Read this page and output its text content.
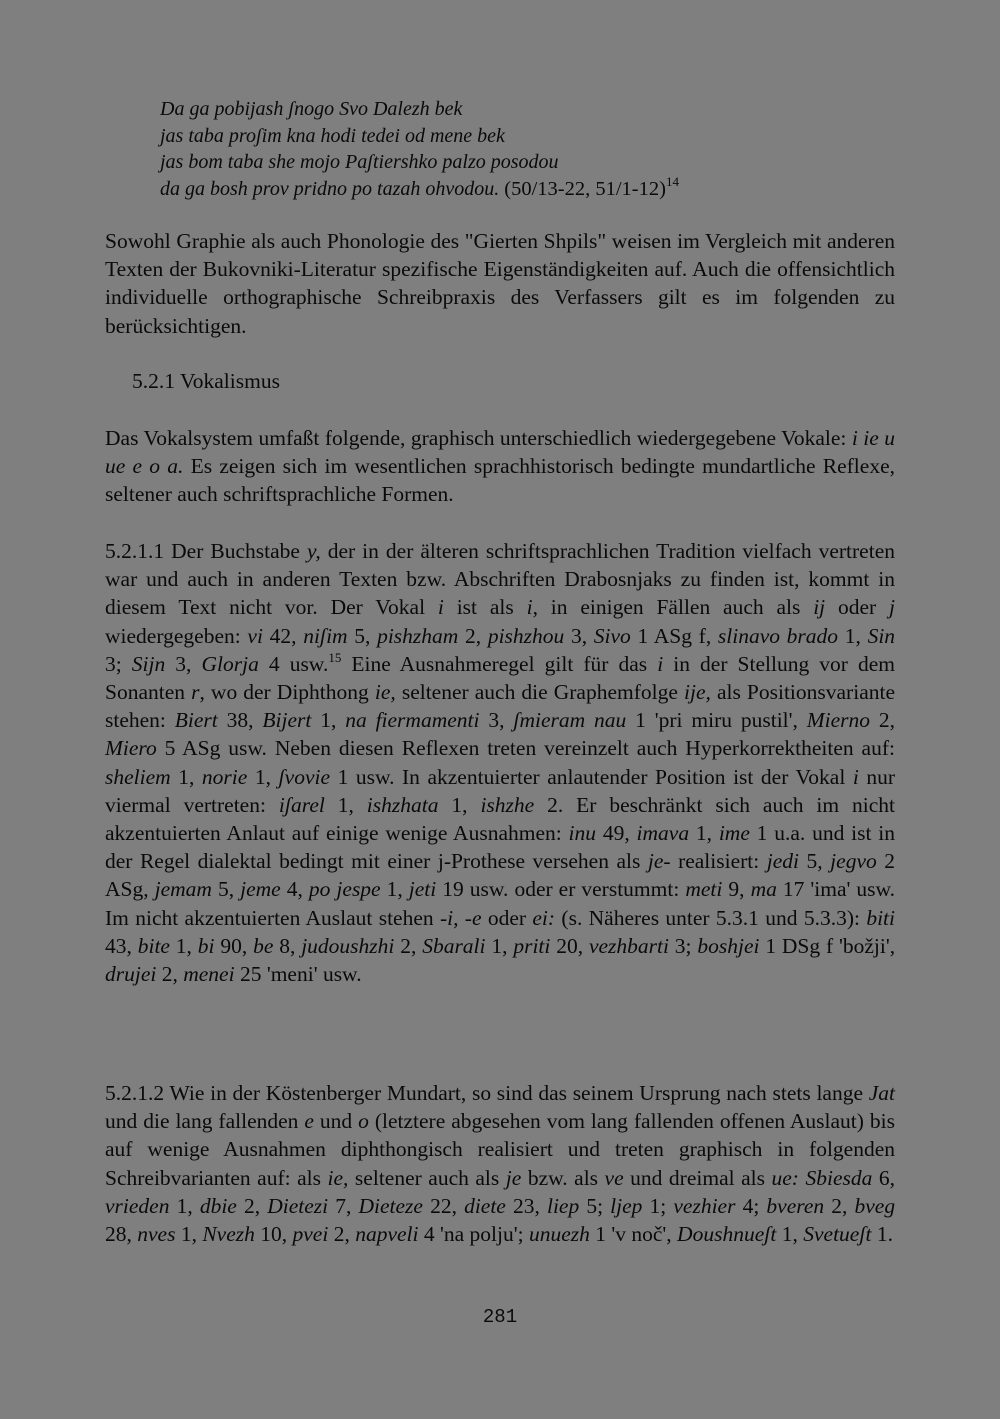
Da ga pobijash ʃnogo Svo Dalezh bek
jas taba proʃim kna hodi tedei od mene bek
jas bom taba she mojo Paʃtiershko palzo posodou
da ga bosh prov pridno po tazah ohvodou. (50/13-22, 51/1-12)$^{14}$
Sowohl Graphie als auch Phonologie des "Gierten Shpils" weisen im Vergleich mit anderen Texten der Bukovniki-Literatur spezifische Eigenständigkeiten auf. Auch die offensichtlich individuelle orthographische Schreibpraxis des Verfassers gilt es im folgenden zu berücksichtigen.
5.2.1 Vokalismus
Das Vokalsystem umfaßt folgende, graphisch unterschiedlich wiedergegebene Vokale: i ie u ue e o a. Es zeigen sich im wesentlichen sprachhistorisch bedingte mundartliche Reflexe, seltener auch schriftsprachliche Formen.
5.2.1.1 Der Buchstabe y, der in der älteren schriftsprachlichen Tradition vielfach vertreten war und auch in anderen Texten bzw. Abschriften Drabosnjaks zu finden ist, kommt in diesem Text nicht vor. Der Vokal i ist als i, in einigen Fällen auch als ij oder j wiedergegeben: vi 42, niʃim 5, pishzham 2, pishzhou 3, Sivo 1 ASg f, slinavo brado 1, Sin 3; Sijn 3, Glorja 4 usw.$^{15}$ Eine Ausnahmeregel gilt für das i in der Stellung vor dem Sonanten r, wo der Diphthong ie, seltener auch die Graphemfolge ije, als Positionsvariante stehen: Biert 38, Bijert 1, na fiermamenti 3, ʃmieram nau 1 'pri miru pustil', Mierno 2, Miero 5 ASg usw. Neben diesen Reflexen treten vereinzelt auch Hyperkorrektheiten auf: sheliem 1, norie 1, ʃvovie 1 usw. In akzentuierter anlautender Position ist der Vokal i nur viermal vertreten: iʃarel 1, ishzhata 1, ishzhe 2. Er beschränkt sich auch im nicht akzentuierten Anlaut auf einige wenige Ausnahmen: inu 49, imava 1, ime 1 u.a. und ist in der Regel dialektal bedingt mit einer j-Prothese versehen als je- realisiert: jedi 5, jegvo 2 ASg, jemam 5, jeme 4, po jespe 1, jeti 19 usw. oder er verstummt: meti 9, ma 17 'ima' usw. Im nicht akzentuierten Auslaut stehen -i, -e oder ei: (s. Näheres unter 5.3.1 und 5.3.3): biti 43, bite 1, bi 90, be 8, judoushzhi 2, Sbarali 1, priti 20, vezhbarti 3; boshjei 1 DSg f 'božji', drujei 2, menei 25 'meni' usw.
5.2.1.2 Wie in der Köstenberger Mundart, so sind das seinem Ursprung nach stets lange Jat und die lang fallenden e und o (letztere abgesehen vom lang fallenden offenen Auslaut) bis auf wenige Ausnahmen diphthongisch realisiert und treten graphisch in folgenden Schreibvarianten auf: als ie, seltener auch als je bzw. als ve und dreimal als ue: Sbiesda 6, vrieden 1, dbie 2, Dietezi 7, Dieteze 22, diete 23, liep 5; ljep 1; vezhier 4; bveren 2, bveg 28, nves 1, Nvezh 10, pvei 2, napveli 4 'na polju'; unuezh 1 'v noč', Doushnueʃt 1, Svetueʃt 1.
281
